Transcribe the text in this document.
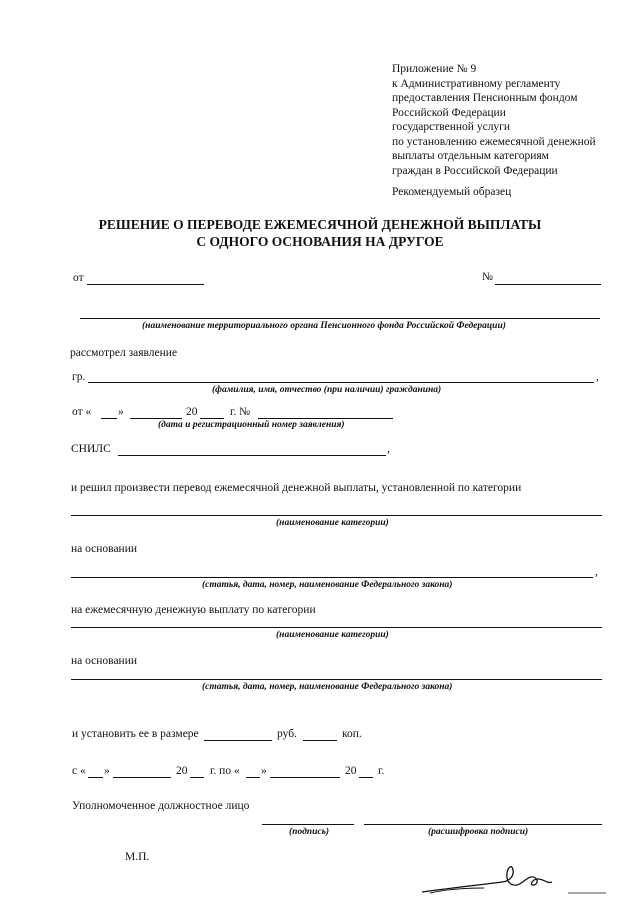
Приложение № 9
к Административному регламенту
предоставления Пенсионным фондом
Российской Федерации
государственной услуги
по установлению ежемесячной денежной
выплаты отдельным категориям
граждан в Российской Федерации
Рекомендуемый образец
РЕШЕНИЕ О ПЕРЕВОДЕ ЕЖЕМЕСЯЧНОЙ ДЕНЕЖНОЙ ВЫПЛАТЫ
С ОДНОГО ОСНОВАНИЯ НА ДРУГОЕ
от	№
(наименование территориального органа Пенсионного фонда Российской Федерации)
рассмотрел заявление
гр.	,
(фамилия, имя, отчество (при наличии) гражданина)
от « »	20	г. №
(дата и регистрационный номер заявления)
СНИЛС	,
и решил произвести перевод ежемесячной денежной выплаты, установленной по категории
(наименование категории)
на основании
,
(статья, дата, номер, наименование Федерального закона)
на ежемесячную денежную выплату по категории
(наименование категории)
на основании
(статья, дата, номер, наименование Федерального закона)
и установить ее в размере	руб.	коп.
с « »	20 г. по « »	20 г.
Уполномоченное должностное лицо
(подпись)	(расшифровка подписи)
М.П.
